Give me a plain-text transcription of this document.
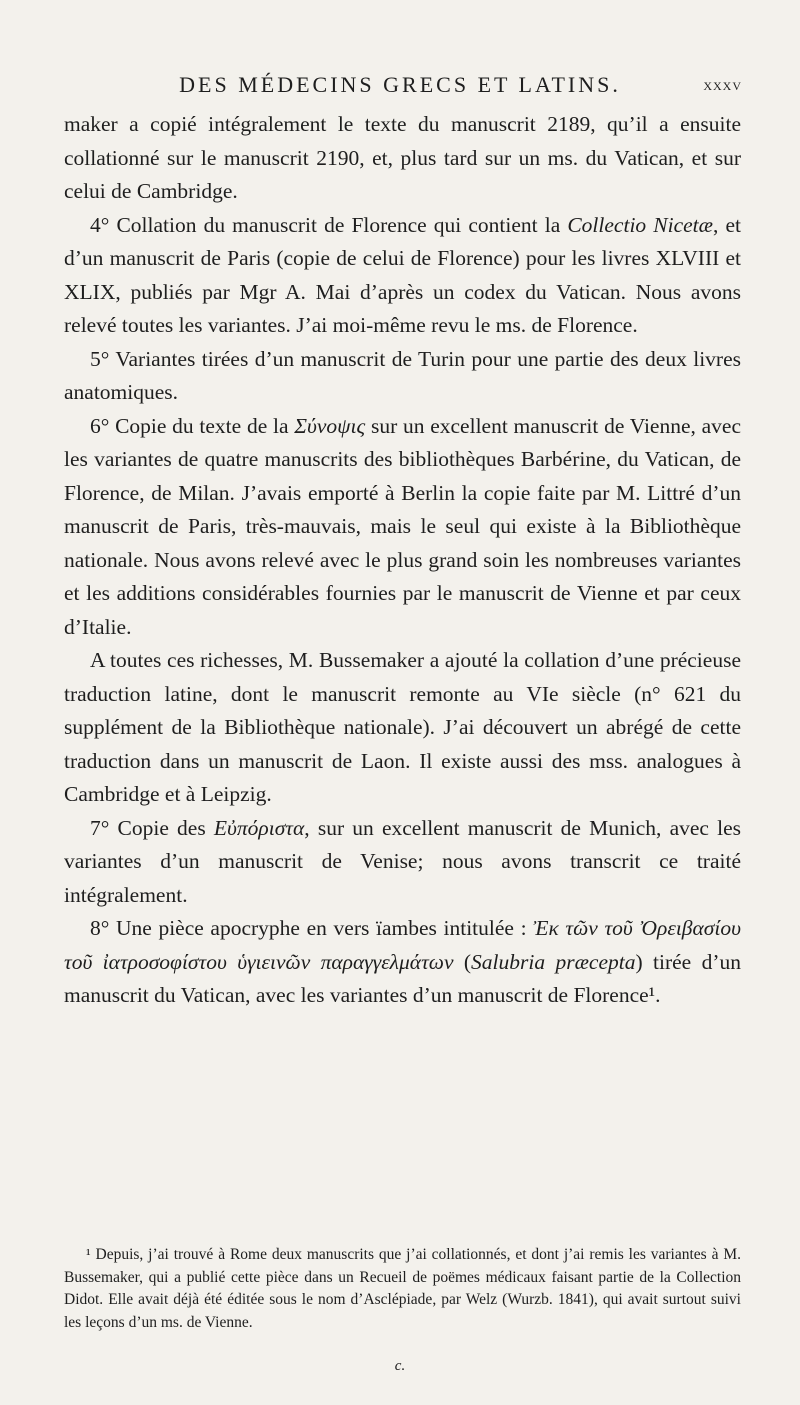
DES MÉDECINS GRECS ET LATINS.	xxxv

maker a copié intégralement le texte du manuscrit 2189, qu’il a ensuite collationné sur le manuscrit 2190, et, plus tard sur un ms. du Vatican, et sur celui de Cambridge.

4° Collation du manuscrit de Florence qui contient la Collectio Nicetæ, et d’un manuscrit de Paris (copie de celui de Florence) pour les livres XLVIII et XLIX, publiés par Mgr A. Mai d’après un codex du Vatican. Nous avons relevé toutes les variantes. J’ai moi-même revu le ms. de Florence.

5° Variantes tirées d’un manuscrit de Turin pour une partie des deux livres anatomiques.

6° Copie du texte de la Σύνοψις sur un excellent manuscrit de Vienne, avec les variantes de quatre manuscrits des bibliothèques Barbérine, du Vatican, de Florence, de Milan. J’avais emporté à Berlin la copie faite par M. Littré d’un manuscrit de Paris, très-mauvais, mais le seul qui existe à la Bibliothèque nationale. Nous avons relevé avec le plus grand soin les nombreuses variantes et les additions considérables fournies par le manuscrit de Vienne et par ceux d’Italie.

A toutes ces richesses, M. Bussemaker a ajouté la collation d’une précieuse traduction latine, dont le manuscrit remonte au VIe siècle (n° 621 du supplément de la Bibliothèque nationale). J’ai découvert un abrégé de cette traduction dans un manuscrit de Laon. Il existe aussi des mss. analogues à Cambridge et à Leipzig.

7° Copie des Εὐπόριστα, sur un excellent manuscrit de Munich, avec les variantes d’un manuscrit de Venise; nous avons transcrit ce traité intégralement.

8° Une pièce apocryphe en vers ïambes intitulée : Ἐκ τῶν τοῦ Ὀρειβασίου τοῦ ἰατροσοφίστου ὑγιεινῶν παραγγελμάτων (Salubria præcepta) tirée d’un manuscrit du Vatican, avec les variantes d’un manuscrit de Florence¹.

¹ Depuis, j’ai trouvé à Rome deux manuscrits que j’ai collationnés, et dont j’ai remis les variantes à M. Bussemaker, qui a publié cette pièce dans un Recueil de poëmes médicaux faisant partie de la Collection Didot. Elle avait déjà été éditée sous le nom d’Asclépiade, par Welz (Wurzb. 1841), qui avait surtout suivi les leçons d’un ms. de Vienne.

c.
